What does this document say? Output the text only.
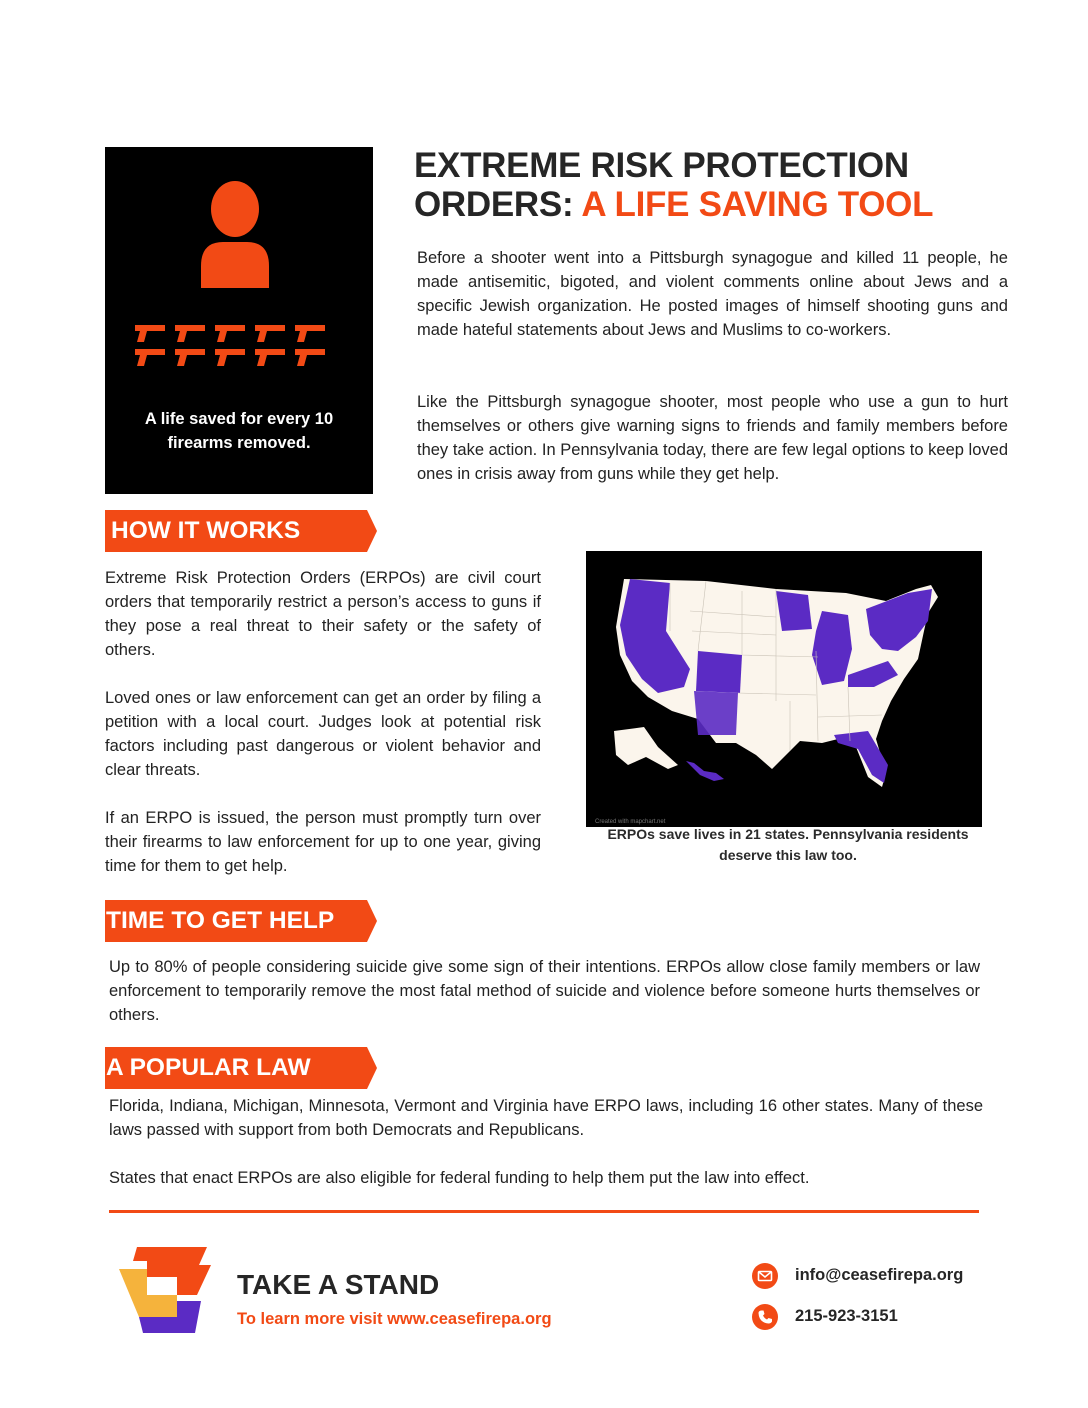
A life saved for every 10
firearms removed.
EXTREME RISK PROTECTION
ORDERS: A LIFE SAVING TOOL
Before a shooter went into a Pittsburgh synagogue and killed 11 people, he made antisemitic, bigoted, and violent comments online about Jews and a specific Jewish organization. He posted images of himself shooting guns and made hateful statements about Jews and Muslims to co-workers.
Like the Pittsburgh synagogue shooter, most people who use a gun to hurt themselves or others give warning signs to friends and family members before they take action. In Pennsylvania today, there are few legal options to keep loved ones in crisis away from guns while they get help.
HOW IT WORKS
Extreme Risk Protection Orders (ERPOs) are civil court orders that temporarily restrict a person’s access to guns if they pose a real threat to their safety or the safety of others.
Loved ones or law enforcement can get an order by filing a petition with a local court. Judges look at potential risk factors including past dangerous or violent behavior and clear threats.
If an ERPO is issued, the person must promptly turn over their firearms to law enforcement for up to one year, giving time for them to get help.
Created with mapchart.net
ERPOs save lives in 21 states. Pennsylvania residents deserve this law too.
TIME TO GET HELP
Up to 80% of people considering suicide give some sign of their intentions. ERPOs allow close family members or law enforcement to temporarily remove the most fatal method of suicide and violence before someone hurts themselves or others.
A POPULAR LAW
Florida, Indiana, Michigan, Minnesota, Vermont and Virginia have ERPO laws, including 16 other states. Many of these laws passed with support from both Democrats and Republicans.
States that enact ERPOs are also eligible for federal funding to help them put the law into effect.
TAKE A STAND
To learn more visit www.ceasefirepa.org
info@ceasefirepa.org
215-923-3151
